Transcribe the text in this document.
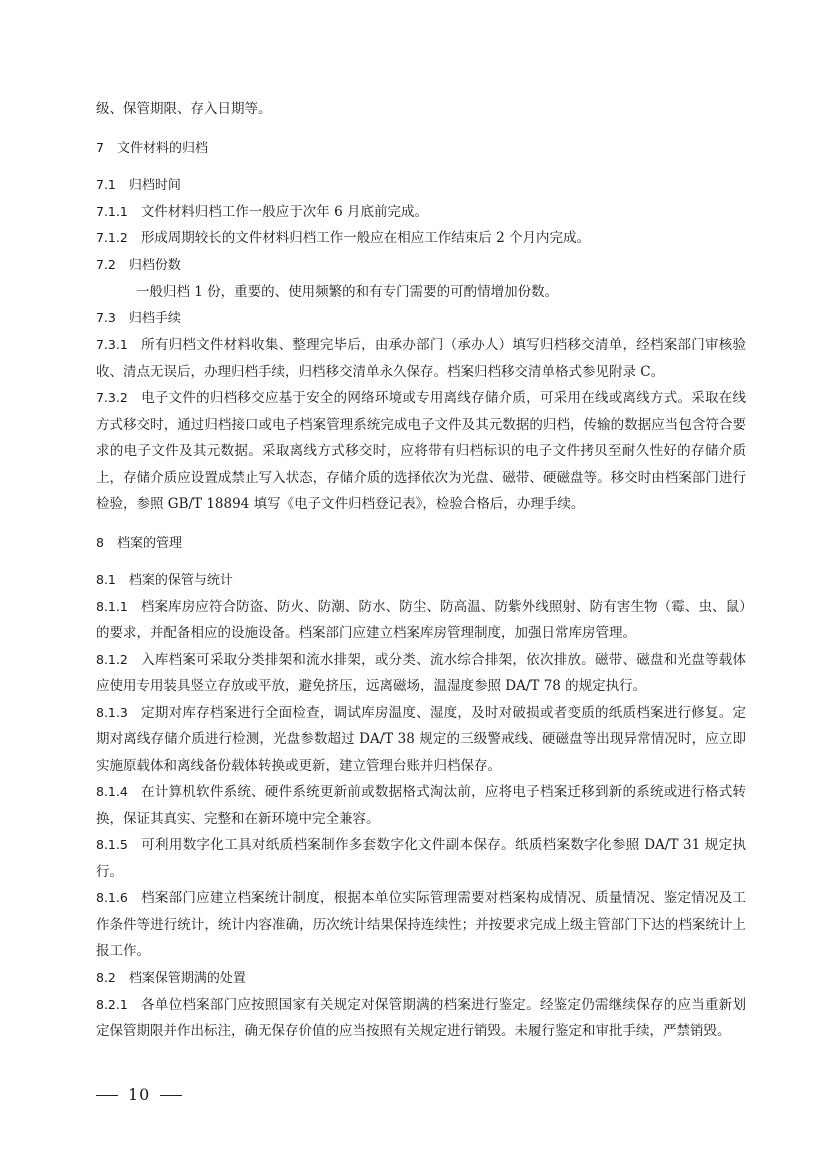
级、保管期限、存入日期等。

7 文件材料的归档
7.1 归档时间

7.1.1 文件材料归档工作一般应于次年 6 月底前完成。

7.1.2 形成周期较长的文件材料归档工作一般应在相应工作结束后 2 个月内完成。

7.2 归档份数

一般归档 1 份，重要的、使用频繁的和有专门需要的可酌情增加份数。

7.3 归档手续

7.3.1 所有归档文件材料收集、整理完毕后，由承办部门（承办人）填写归档移交清单，经档案部门审核验收、清点无误后，办理归档手续，归档移交清单永久保存。档案归档移交清单格式参见附录 C。

7.3.2 电子文件的归档移交应基于安全的网络环境或专用离线存储介质，可采用在线或离线方式。采取在线方式移交时，通过归档接口或电子档案管理系统完成电子文件及其元数据的归档，传输的数据应当包含符合要求的电子文件及其元数据。采取离线方式移交时，应将带有归档标识的电子文件拷贝至耐久性好的存储介质上，存储介质应设置成禁止写入状态，存储介质的选择依次为光盘、磁带、硬磁盘等。移交时由档案部门进行检验，参照 GB/T 18894 填写《电子文件归档登记表》，检验合格后，办理手续。

8 档案的管理
8.1 档案的保管与统计

8.1.1 档案库房应符合防盗、防火、防潮、防水、防尘、防高温、防紫外线照射、防有害生物（霉、虫、鼠）的要求，并配备相应的设施设备。档案部门应建立档案库房管理制度，加强日常库房管理。

8.1.2 入库档案可采取分类排架和流水排架，或分类、流水综合排架，依次排放。磁带、磁盘和光盘等载体应使用专用装具竖立存放或平放，避免挤压，远离磁场，温湿度参照 DA/T 78 的规定执行。

8.1.3 定期对库存档案进行全面检查，调试库房温度、湿度，及时对破损或者变质的纸质档案进行修复。定期对离线存储介质进行检测，光盘参数超过 DA/T 38 规定的三级警戒线、硬磁盘等出现异常情况时，应立即实施原载体和离线备份载体转换或更新，建立管理台账并归档保存。

8.1.4 在计算机软件系统、硬件系统更新前或数据格式淘汰前，应将电子档案迁移到新的系统或进行格式转换，保证其真实、完整和在新环境中完全兼容。

8.1.5 可利用数字化工具对纸质档案制作多套数字化文件副本保存。纸质档案数字化参照 DA/T 31 规定执行。

8.1.6 档案部门应建立档案统计制度，根据本单位实际管理需要对档案构成情况、质量情况、鉴定情况及工作条件等进行统计，统计内容准确，历次统计结果保持连续性；并按要求完成上级主管部门下达的档案统计上报工作。

8.2 档案保管期满的处置

8.2.1 各单位档案部门应按照国家有关规定对保管期满的档案进行鉴定。经鉴定仍需继续保存的应当重新划定保管期限并作出标注，确无保存价值的应当按照有关规定进行销毁。未履行鉴定和审批手续，严禁销毁。

10
